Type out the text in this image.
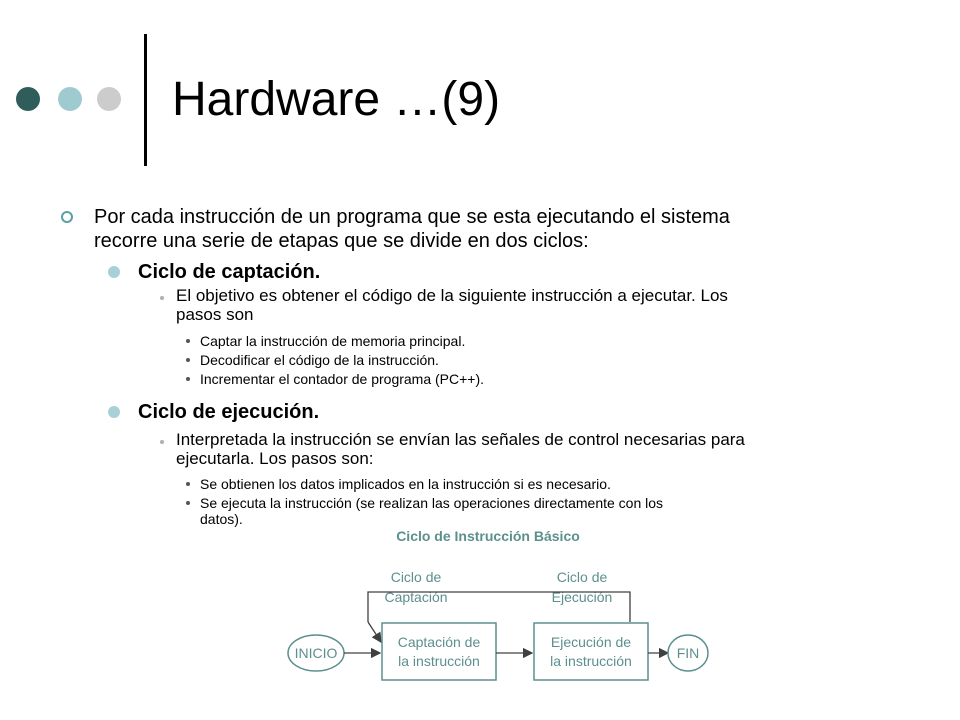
Hardware …(9)
Por cada instrucción de un programa que se esta ejecutando el sistema
recorre una serie de etapas que se divide en dos ciclos:
Ciclo de captación.
El objetivo es obtener el código de la siguiente instrucción a ejecutar. Los
pasos son
Captar la instrucción de memoria principal.
Decodificar el código de la instrucción.
Incrementar el contador de programa (PC++).
Ciclo de ejecución.
Interpretada la instrucción se envían las señales de control necesarias para
ejecutarla. Los pasos son:
Se obtienen los datos implicados en la instrucción si es necesario.
Se ejecuta la instrucción (se realizan las operaciones directamente con los
datos).
Ciclo de Instrucción Básico
Ciclo de
Captación
Ciclo de
Ejecución
INICIO
Captación de
la instrucción
Ejecución de
la instrucción	FIN
